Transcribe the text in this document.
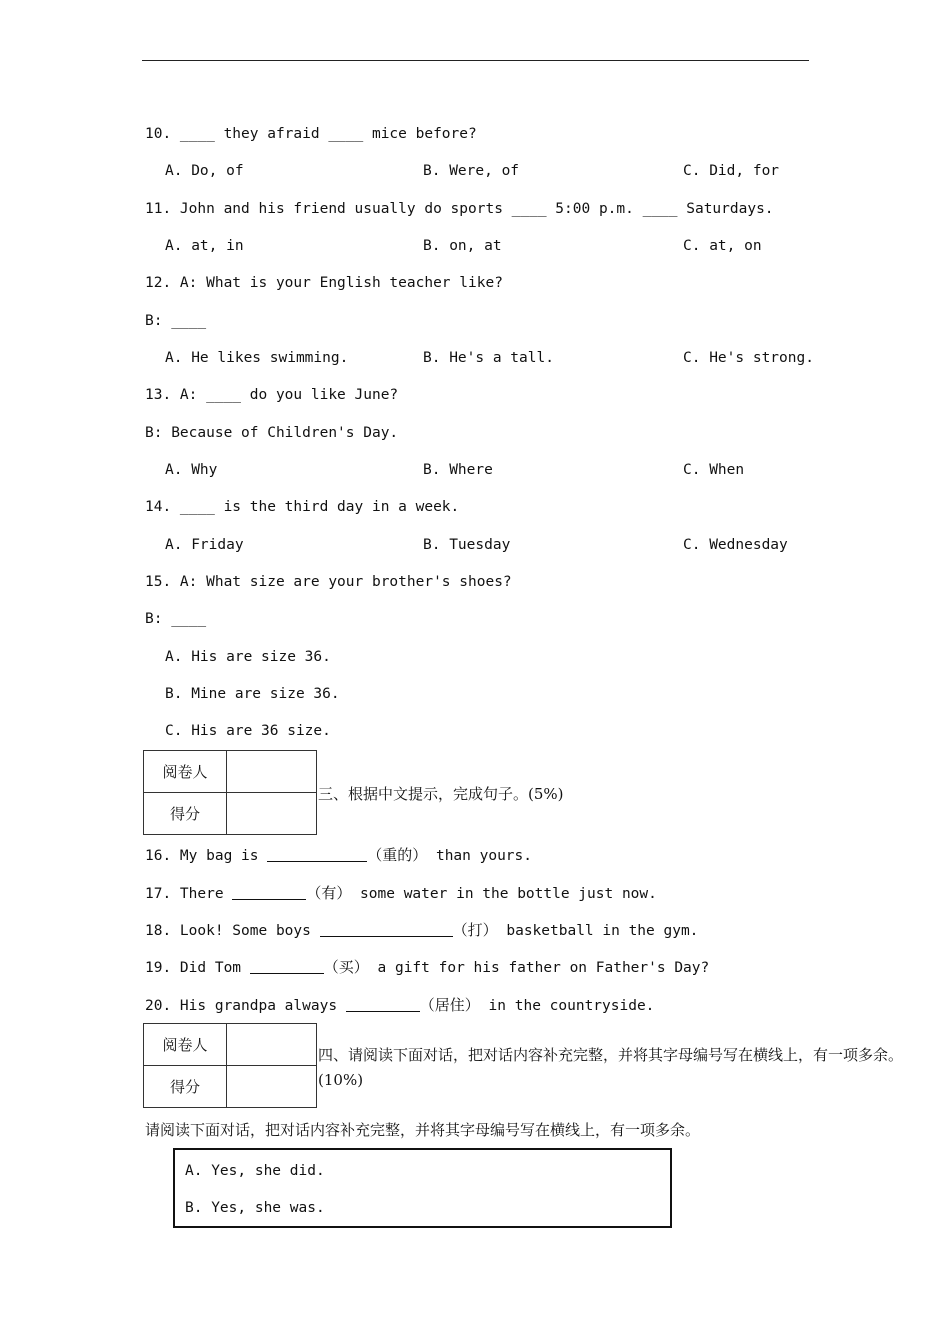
10. ____ they afraid ____ mice before?
A. Do, of	B. Were, of	C. Did, for
11. John and his friend usually do sports ____ 5:00 p.m. ____ Saturdays.
A. at, in	B. on, at	C. at, on
12. A: What is your English teacher like?
B: ____
A. He likes swimming.	B. He's a tall.	C. He's strong.
13. A: ____ do you like June?
B: Because of Children's Day.
A. Why	B. Where	C. When
14. ____ is the third day in a week.
A. Friday	B. Tuesday	C. Wednesday
15. A: What size are your brother's shoes?
B: ____
A. His are size 36.
B. Mine are size 36.
C. His are 36 size.
阅卷人	
得分	
三、根据中文提示，完成句子。(5%)
16. My bag is	（重的） than yours.
17. There	（有） some water in the bottle just now.
18. Look! Some boys	（打） basketball in the gym.
19. Did Tom	（买） a gift for his father on Father's Day?
20. His grandpa always	（居住） in the countryside.
阅卷人	
得分	
四、请阅读下面对话，把对话内容补充完整，并将其字母编号写在横线上，有一项多余。
(10%)
请阅读下面对话，把对话内容补充完整，并将其字母编号写在横线上，有一项多余。
A. Yes, she did.
B. Yes, she was.
